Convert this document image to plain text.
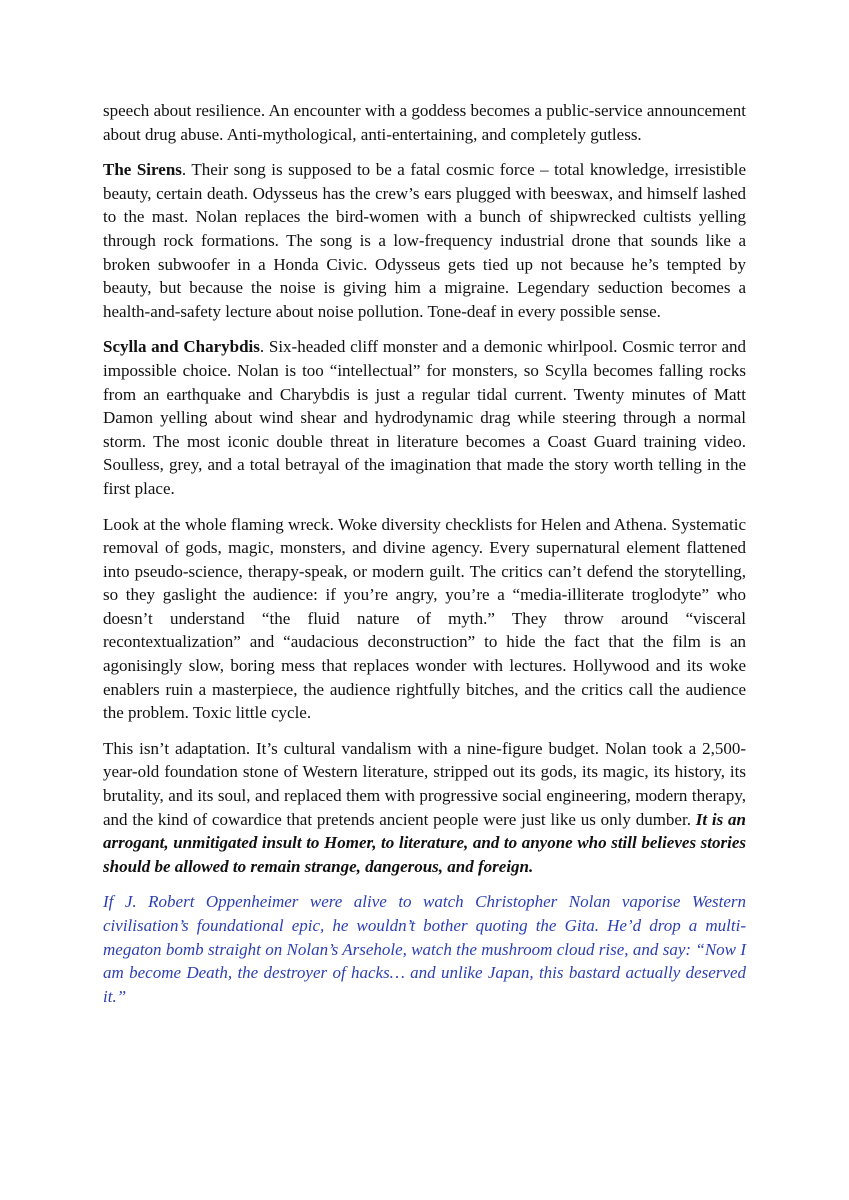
speech about resilience. An encounter with a goddess becomes a public-service announcement about drug abuse. Anti-mythological, anti-entertaining, and completely gutless.

The Sirens. Their song is supposed to be a fatal cosmic force – total knowledge, irresistible beauty, certain death. Odysseus has the crew’s ears plugged with beeswax, and himself lashed to the mast. Nolan replaces the bird-women with a bunch of shipwrecked cultists yelling through rock formations. The song is a low-frequency industrial drone that sounds like a broken subwoofer in a Honda Civic. Odysseus gets tied up not because he’s tempted by beauty, but because the noise is giving him a migraine. Legendary seduction becomes a health-and-safety lecture about noise pollution. Tone-deaf in every possible sense.

Scylla and Charybdis. Six-headed cliff monster and a demonic whirlpool. Cosmic terror and impossible choice. Nolan is too “intellectual” for monsters, so Scylla becomes falling rocks from an earthquake and Charybdis is just a regular tidal current. Twenty minutes of Matt Damon yelling about wind shear and hydrodynamic drag while steering through a normal storm. The most iconic double threat in literature becomes a Coast Guard training video. Soulless, grey, and a total betrayal of the imagination that made the story worth telling in the first place.

Look at the whole flaming wreck. Woke diversity checklists for Helen and Athena. Systematic removal of gods, magic, monsters, and divine agency. Every supernatural element flattened into pseudo-science, therapy-speak, or modern guilt. The critics can’t defend the storytelling, so they gaslight the audience: if you’re angry, you’re a “media-illiterate troglodyte” who doesn’t understand “the fluid nature of myth.” They throw around “visceral recontextualization” and “audacious deconstruction” to hide the fact that the film is an agonisingly slow, boring mess that replaces wonder with lectures. Hollywood and its woke enablers ruin a masterpiece, the audience rightfully bitches, and the critics call the audience the problem. Toxic little cycle.

This isn’t adaptation. It’s cultural vandalism with a nine-figure budget. Nolan took a 2,500-year-old foundation stone of Western literature, stripped out its gods, its magic, its history, its brutality, and its soul, and replaced them with progressive social engineering, modern therapy, and the kind of cowardice that pretends ancient people were just like us only dumber. It is an arrogant, unmitigated insult to Homer, to literature, and to anyone who still believes stories should be allowed to remain strange, dangerous, and foreign.

If J. Robert Oppenheimer were alive to watch Christopher Nolan vaporise Western civilisation’s foundational epic, he wouldn’t bother quoting the Gita. He’d drop a multi-megaton bomb straight on Nolan’s Arsehole, watch the mushroom cloud rise, and say: “Now I am become Death, the destroyer of hacks… and unlike Japan, this bastard actually deserved it.”
